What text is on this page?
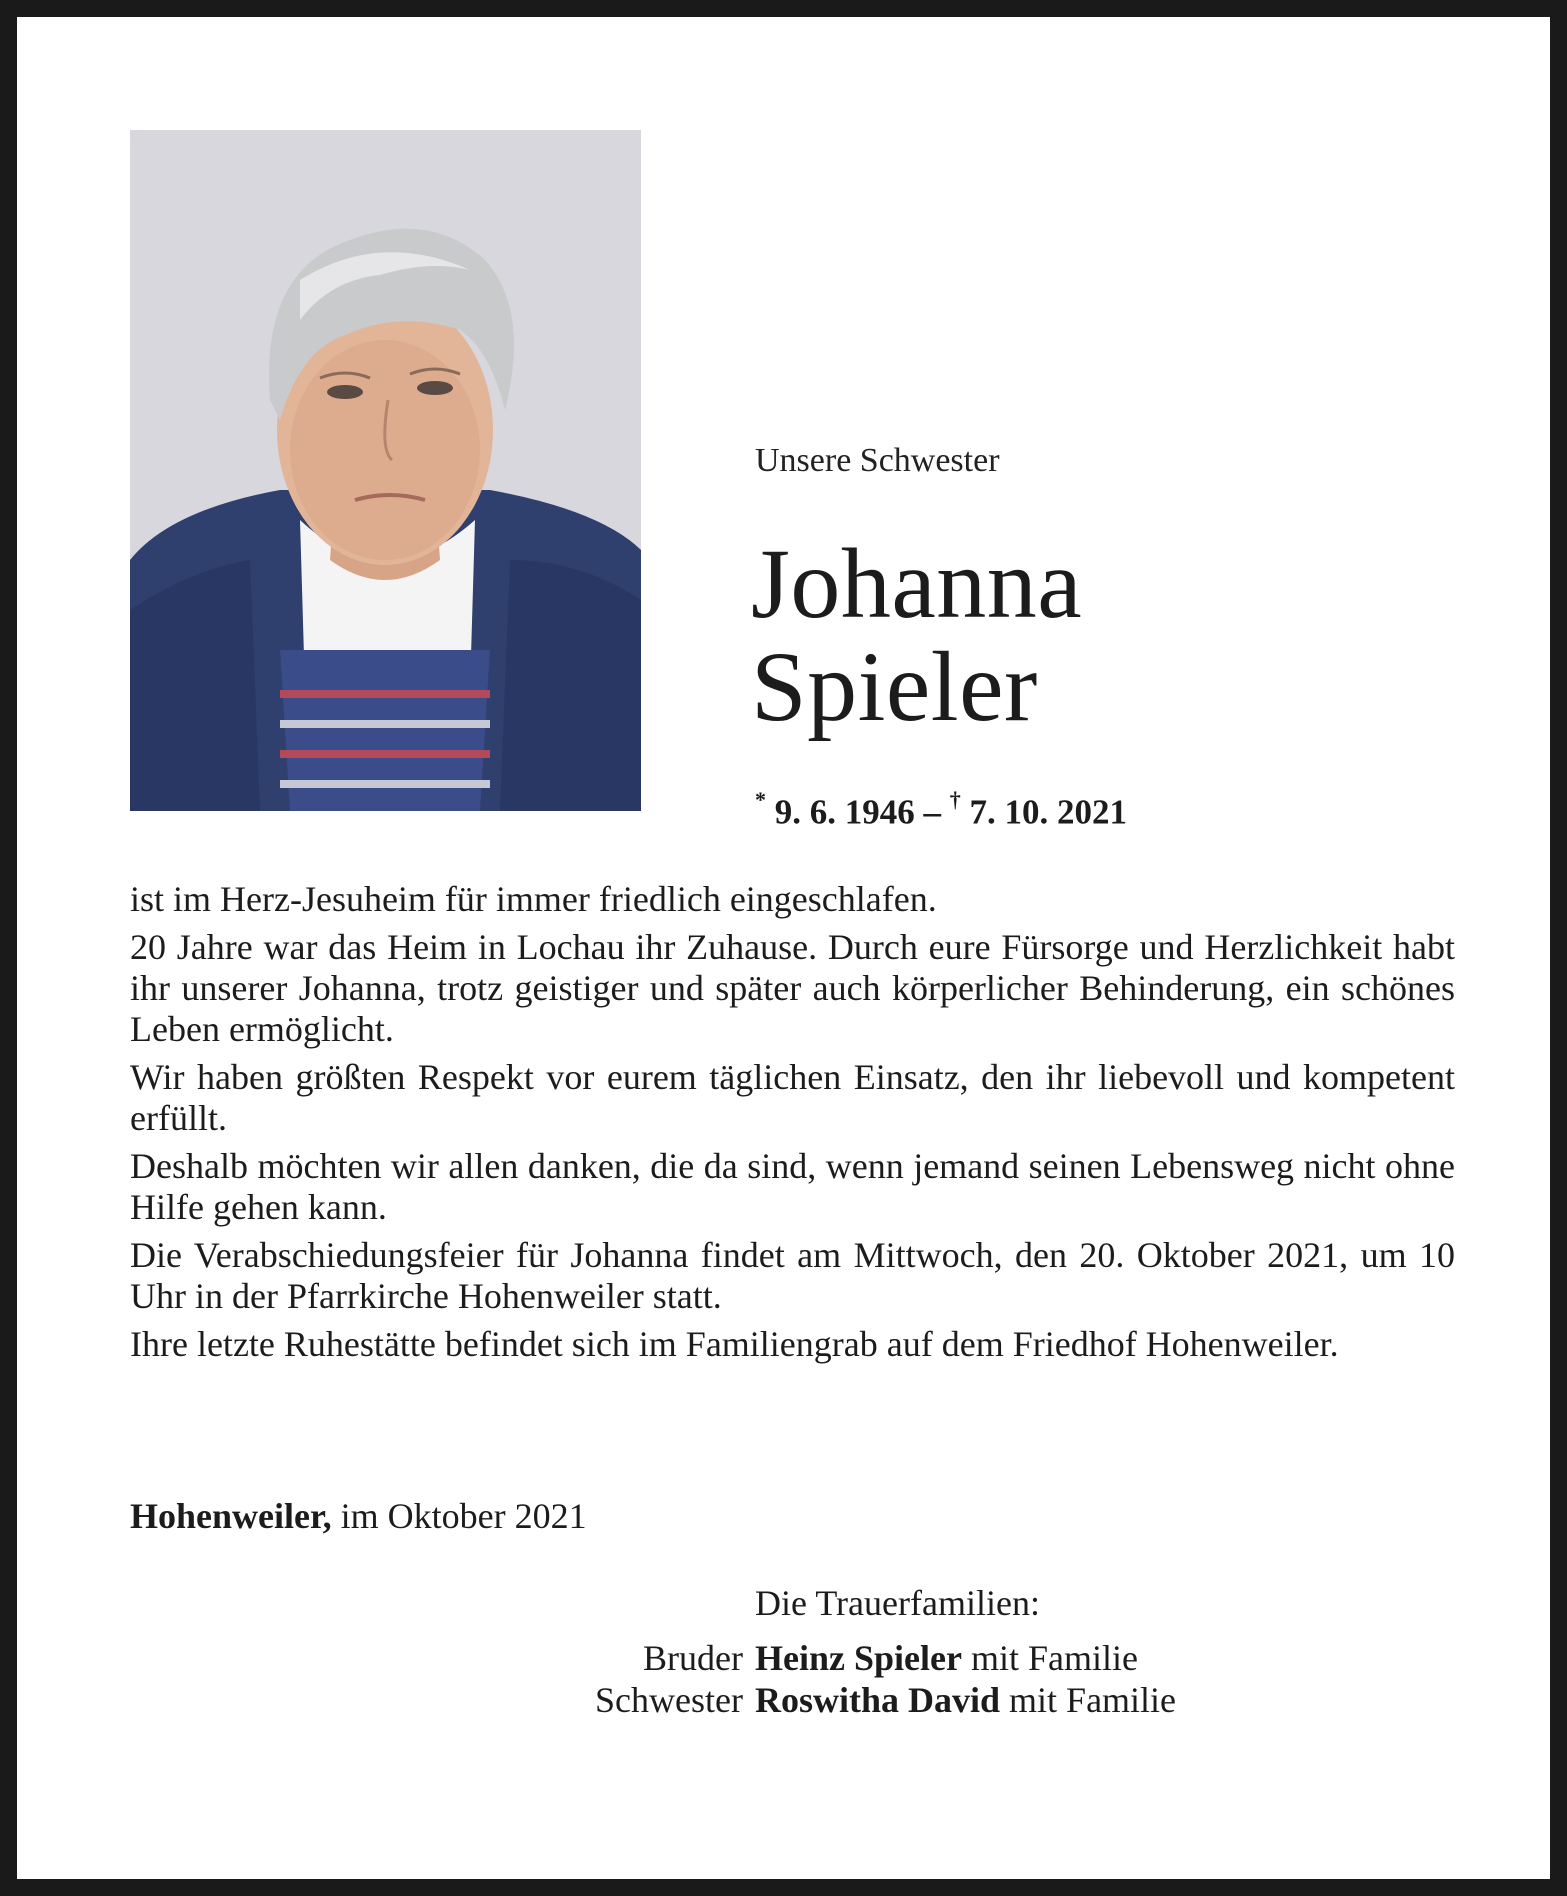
Unsere Schwester
Johanna
Spieler
* 9. 6. 1946 – † 7. 10. 2021

ist im Herz-Jesuheim für immer friedlich eingeschlafen.

20 Jahre war das Heim in Lochau ihr Zuhause. Durch eure Fürsorge und Herzlichkeit habt ihr unserer Johanna, trotz geistiger und später auch körperlicher Behinderung, ein schönes Leben ermöglicht.

Wir haben größten Respekt vor eurem täglichen Einsatz, den ihr liebevoll und kompetent erfüllt.

Deshalb möchten wir allen danken, die da sind, wenn jemand seinen Lebensweg nicht ohne Hilfe gehen kann.

Die Verabschiedungsfeier für Johanna findet am Mittwoch, den 20. Oktober 2021, um 10 Uhr in der Pfarrkirche Hohenweiler statt.

Ihre letzte Ruhestätte befindet sich im Familiengrab auf dem Friedhof Hohenweiler.

Hohenweiler, im Oktober 2021
Die Trauerfamilien:
Bruder	Heinz Spieler mit Familie
Schwester	Roswitha David mit Familie
